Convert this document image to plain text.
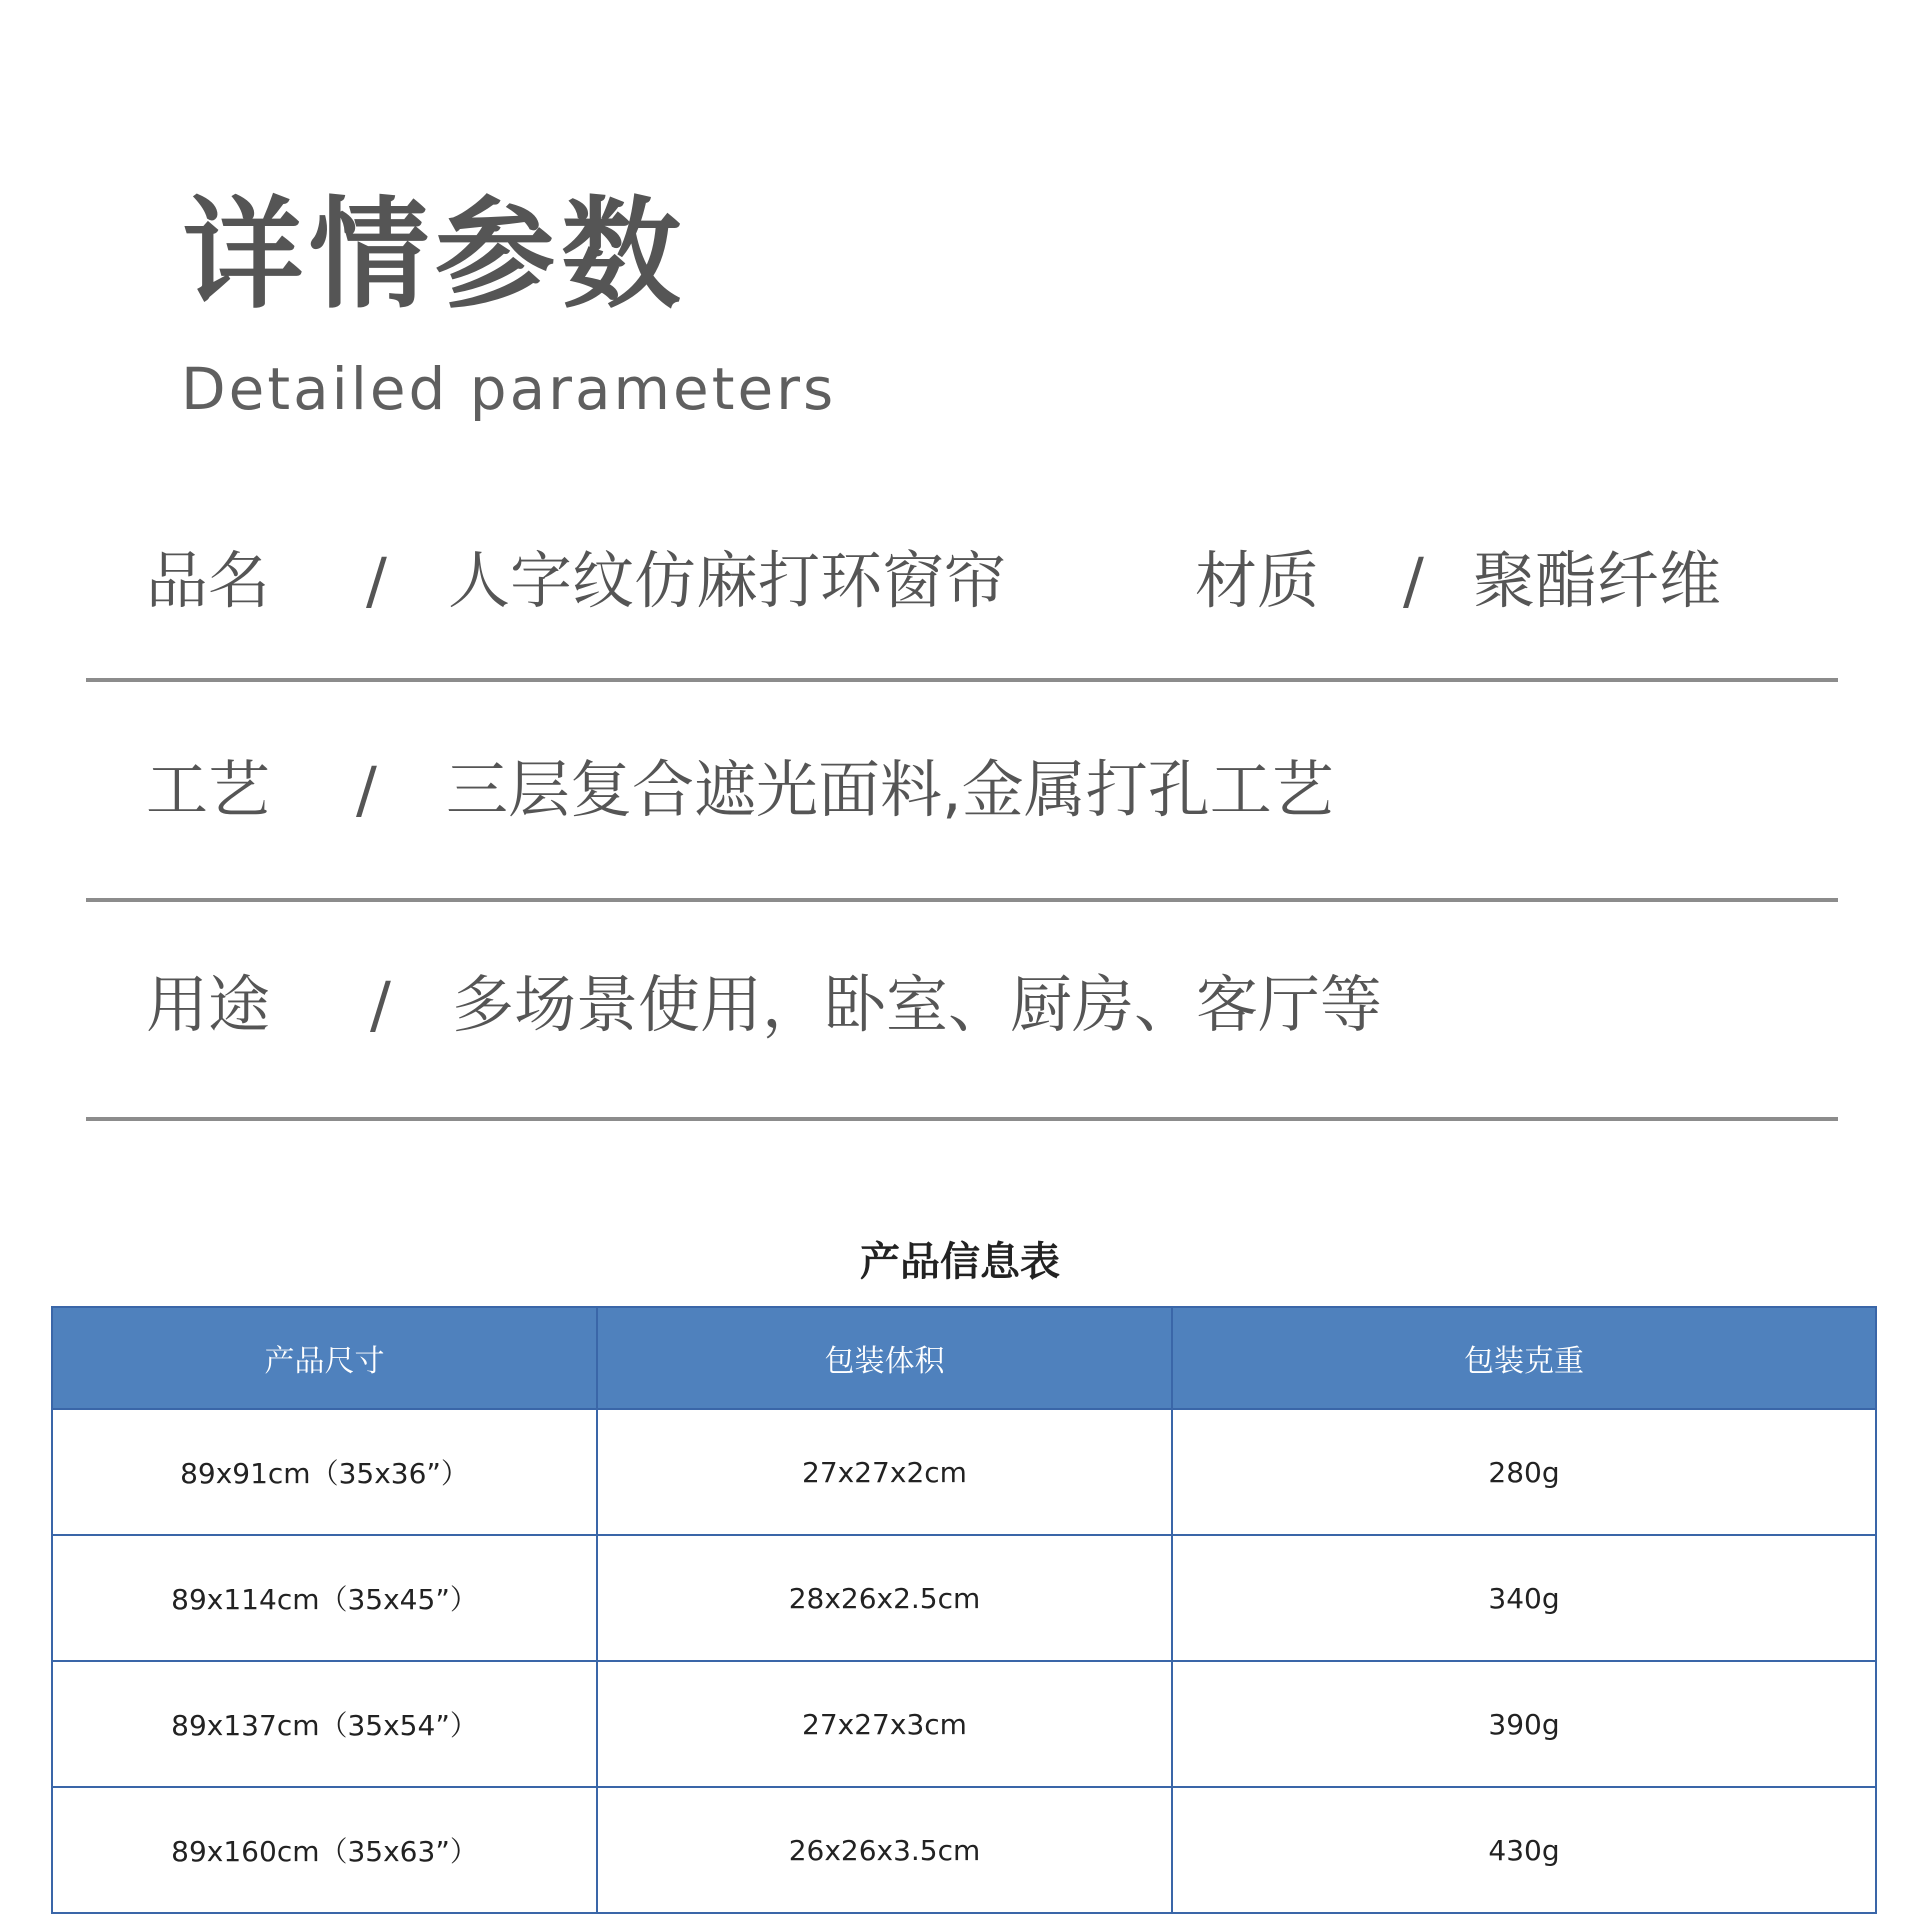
详情参数
Detailed parameters
品名 / 人字纹仿麻打环窗帘	材质 / 聚酯纤维
工艺 / 三层复合遮光面料,金属打孔工艺
用途 / 多场景使用，卧室、厨房、客厅等
产品信息表
产品尺寸	包装体积	包装克重
89x91cm（35x36”）	27x27x2cm	280g
89x114cm（35x45”）	28x26x2.5cm	340g
89x137cm（35x54”）	27x27x3cm	390g
89x160cm（35x63”）	26x26x3.5cm	430g
